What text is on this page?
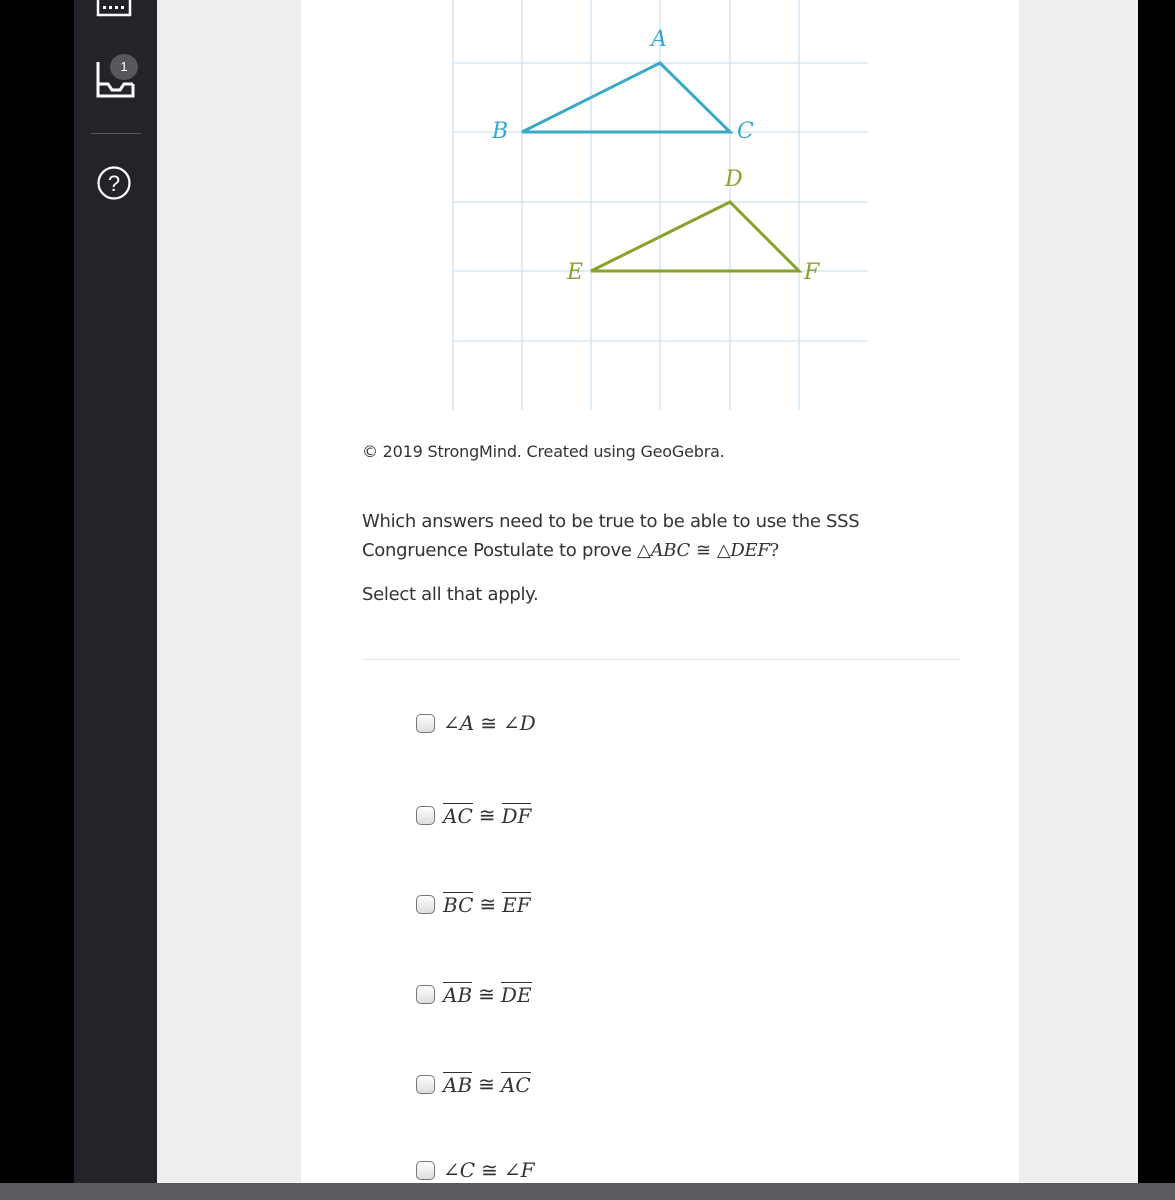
1
?
A
B	C
D
E	F
© 2019 StrongMind. Created using GeoGebra.
Which answers need to be true to be able to use the SSS Congruence Postulate to prove △ABC ≅ △DEF?
Select all that apply.
∠A ≅ ∠D
AC ≅ DF
BC ≅ EF
AB ≅ DE
AB ≅ AC
∠C ≅ ∠F
